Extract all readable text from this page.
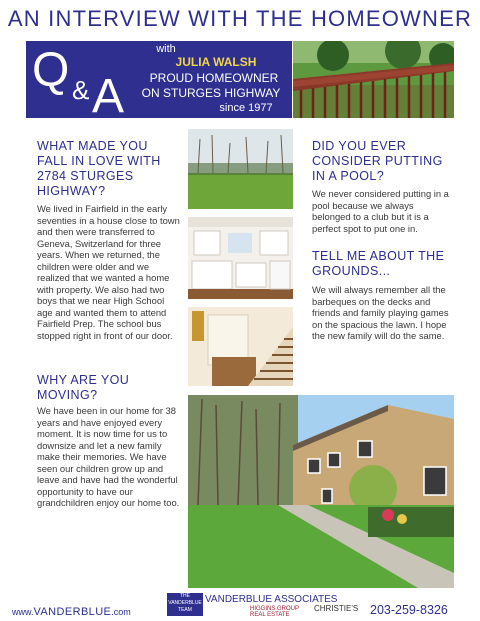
AN INTERVIEW WITH THE HOMEOWNER
Q & A
with
JULIA WALSH
PROUD HOMEOWNER
ON STURGES HIGHWAY
since 1977
WHAT MADE YOU FALL IN LOVE WITH 2784 STURGES HIGHWAY?
We lived in Fairfield in the early seventies in a house close to town and then were transferred to Geneva, Switzerland for three years. When we returned, the children were older and we realized that we wanted a home with property. We also had two boys that we near High School age and wanted them to attend Fairfield Prep. The school bus stopped right in front of our door.
WHY ARE YOU MOVING?
We have been in our home for 38 years and have enjoyed every moment. It is now time for us to downsize and let a new family make their memories. We have seen our children grow up and leave and have had the wonderful opportunity to have our grandchildren enjoy our home too.
DID YOU EVER CONSIDER PUTTING IN A POOL?
We never considered putting in a pool because we always belonged to a club but it is a perfect spot to put one in.
TELL ME ABOUT THE GROUNDS...
We will always remember all the barbeques on the decks and friends and family playing games on the spacious the lawn. I hope the new family will do the same.
www.VANDERBLUE.com
THE VANDERBLUE TEAM
VANDERBLUE ASSOCIATES
HIGGINS GROUP
REAL ESTATE
CHRISTIE'S 203-259-8326
